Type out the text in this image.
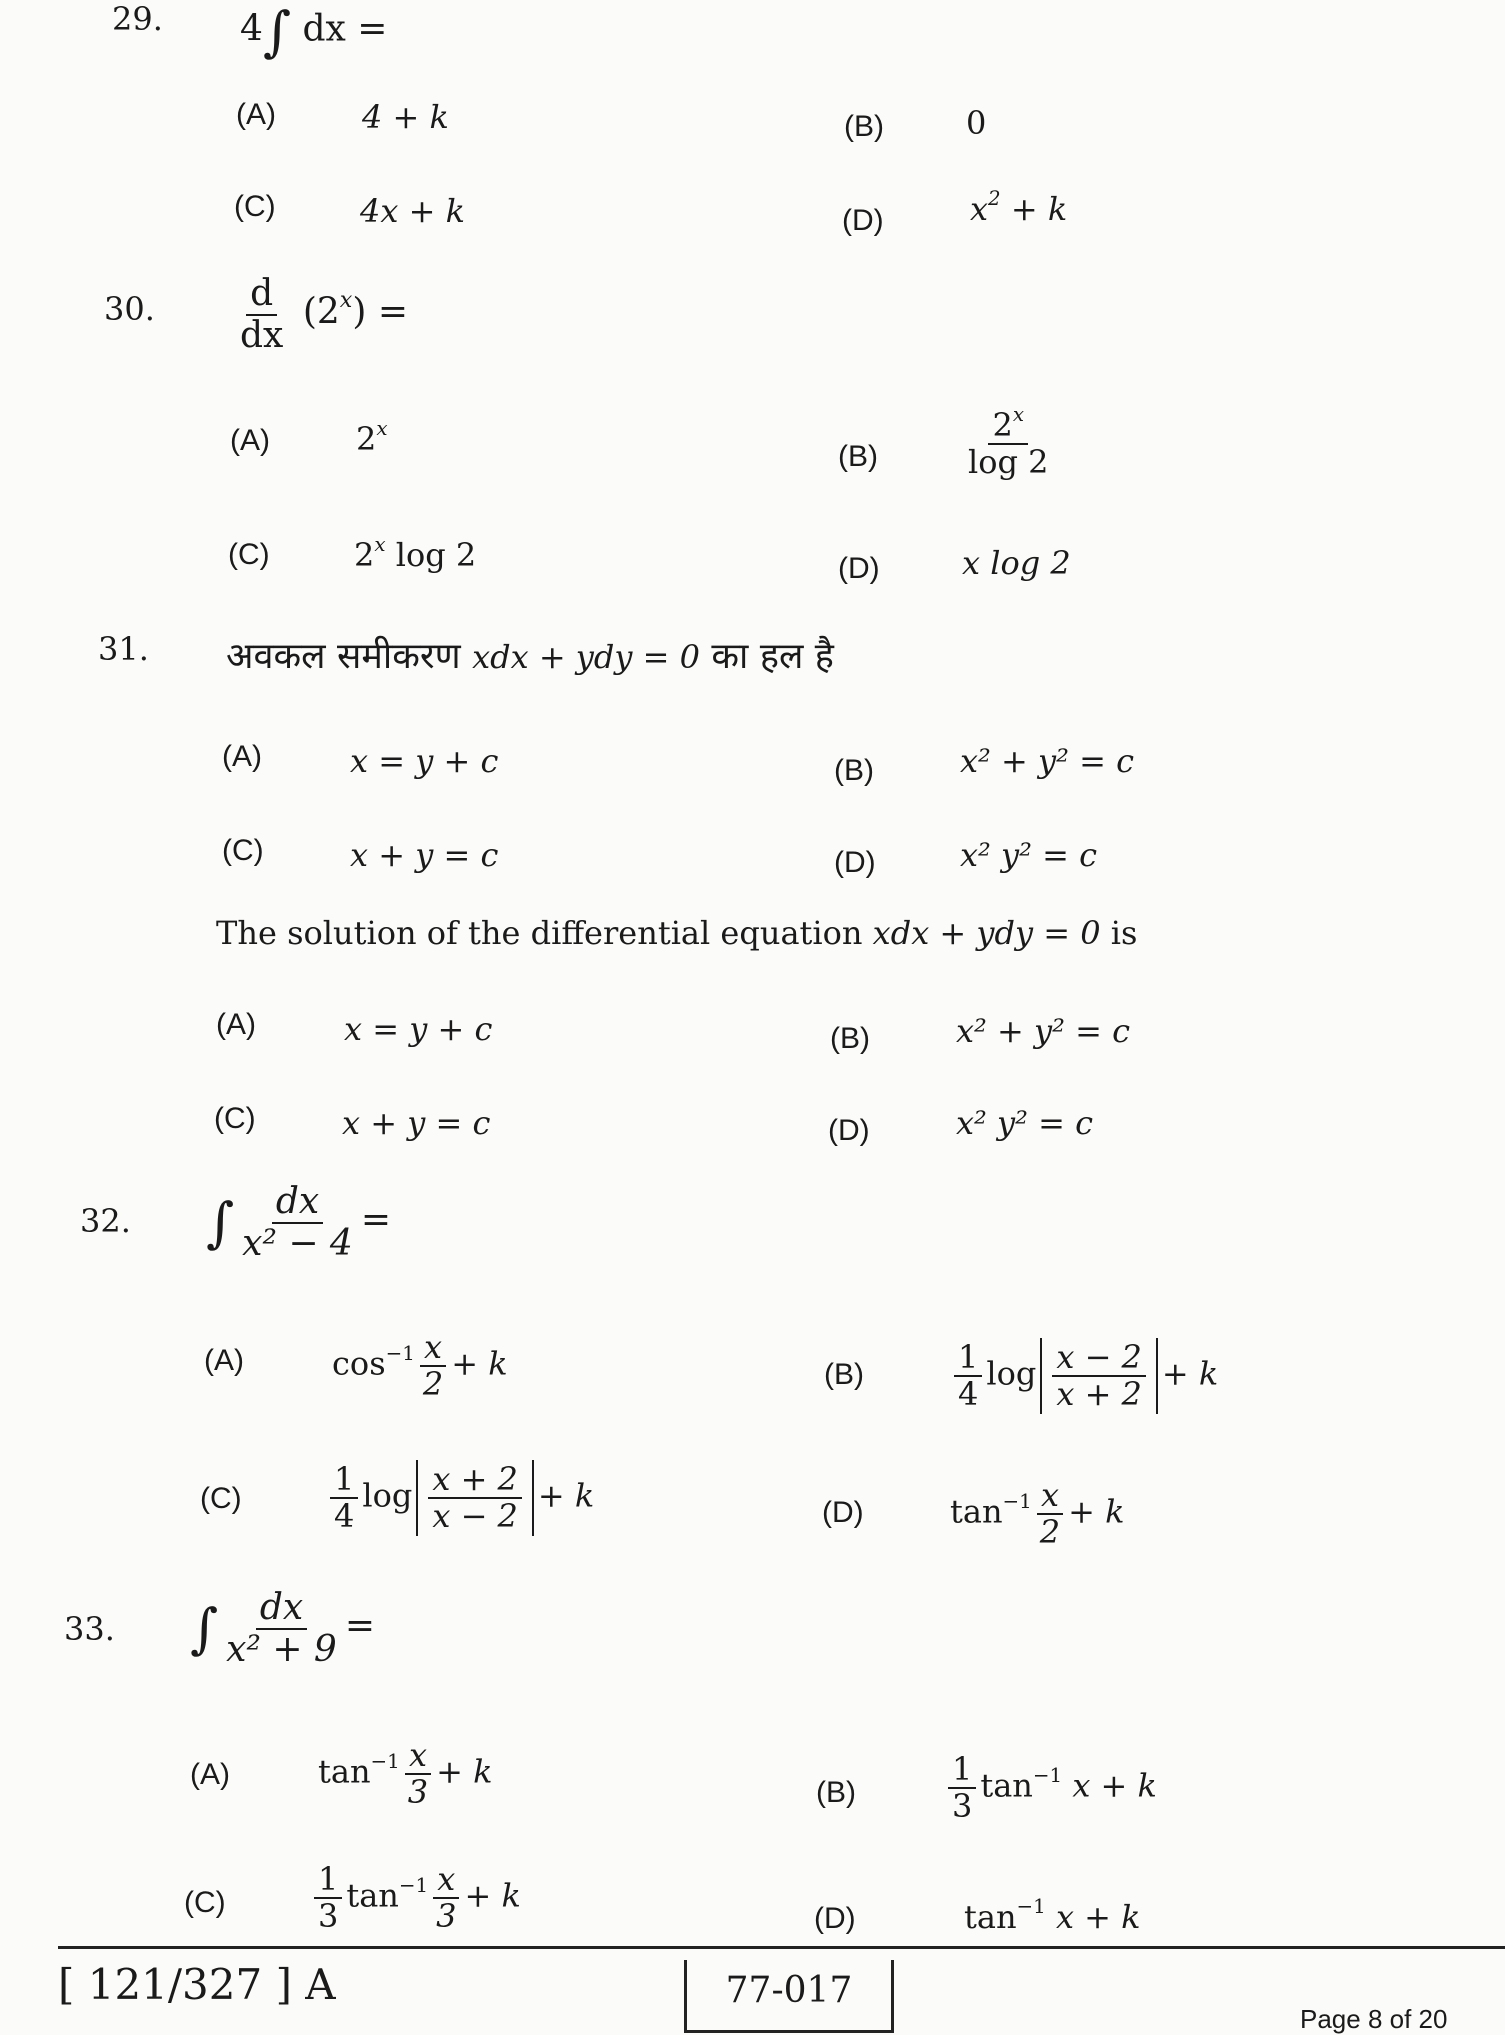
29. 4∫ dx =
(A)	4 + k	(B)	0
(C)	4x + k	(D)	$x^2 + k$
30. $\frac{d}{dx} (2^x)$ =
(A)	2$^x$
(B)	$\frac{2^x}{\log 2}$
(C)	2$^x$ log 2	(D)	x log 2
31. अवकल समीकरण xdx + ydy = 0 का हल है
(A)	x = y + c	(B)	x² + y² = c
(C)	x + y = c	(D)	x² y² = c
The solution of the differential equation xdx + ydy = 0 is
(A)	x = y + c	(B)	x² + y² = c
(C)	x + y = c	(D)	x² y² = c
32. ∫ $\frac{dx}{\text{x² − 4}}$ =
(A)	$\cos^{-1} \frac{x}{2} + k$	(B)	$\frac{1}{4}$ $\log \frac{x - 2}{x + 2} + k$
(C)	$\frac{1}{4}$ $\log \frac{x + 2}{x - 2} + k$	(D)	$\tan^{-1} \frac{x}{2} + k$
33. ∫ $\frac{dx}{\text{x² + 9}}$ =
(A)	$\tan^{-1} \frac{x}{3} + k$
(B)	$\frac{1}{3} \tan^{-1} x + k$
(C)	$\frac{1}{3} \tan^{-1} \frac{x}{3} + k$
(D)	$\tan^{-1} x + k$
[ 121/327 ] A	77-017
Page 8 of 20
